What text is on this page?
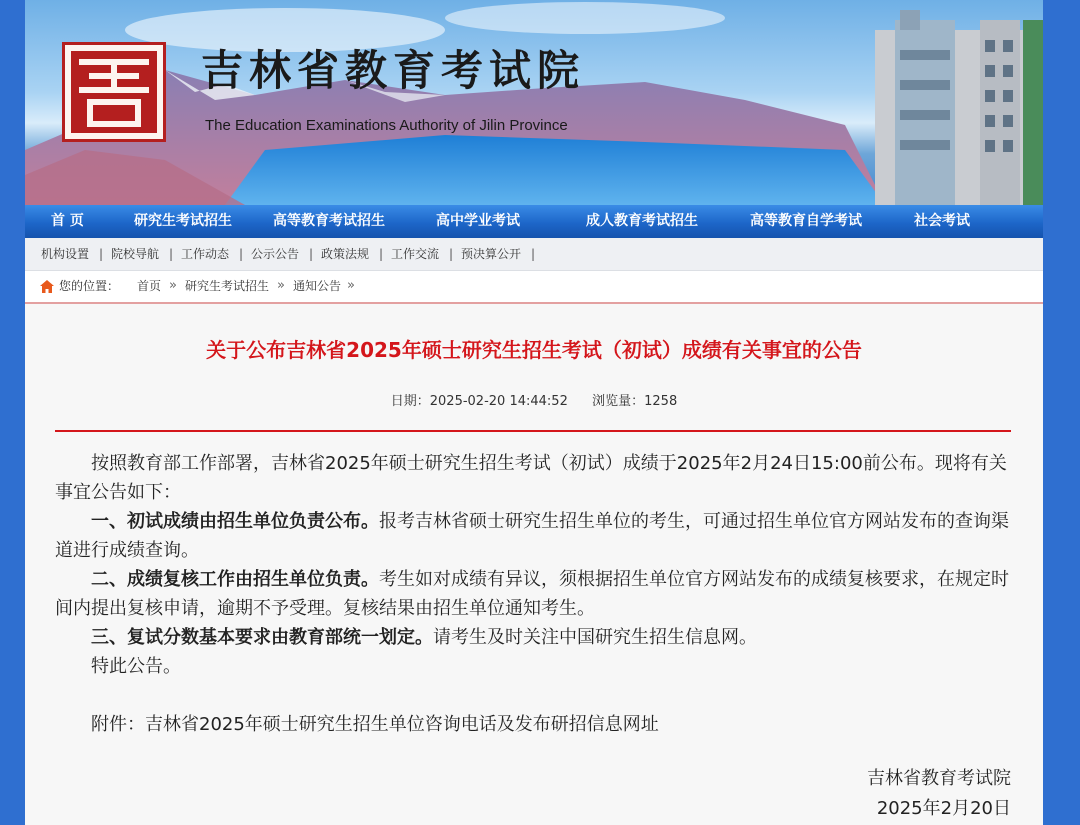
吉林省教育考试院
The Education Examinations Authority of Jilin Province
首 页	研究生考试招生	高等教育考试招生	高中学业考试	成人教育考试招生	高等教育自学考试	社会考试
机构设置 | 院校导航 | 工作动态 | 公示公告 | 政策法规 | 工作交流 | 预决算公开 |
您的位置： 首页 » 研究生考试招生 » 通知公告 »
关于公布吉林省2025年硕士研究生招生考试（初试）成绩有关事宜的公告
日期：2025-02-20 14:44:52 浏览量：1258

按照教育部工作部署，吉林省2025年硕士研究生招生考试（初试）成绩于2025年2月24日15:00前公布。现将有关事宜公告如下：

一、初试成绩由招生单位负责公布。报考吉林省硕士研究生招生单位的考生，可通过招生单位官方网站发布的查询渠道进行成绩查询。

二、成绩复核工作由招生单位负责。考生如对成绩有异议，须根据招生单位官方网站发布的成绩复核要求，在规定时间内提出复核申请，逾期不予受理。复核结果由招生单位通知考生。

三、复试分数基本要求由教育部统一划定。请考生及时关注中国研究生招生信息网。

特此公告。

附件：吉林省2025年硕士研究生招生单位咨询电话及发布研招信息网址

吉林省教育考试院
2025年2月20日
